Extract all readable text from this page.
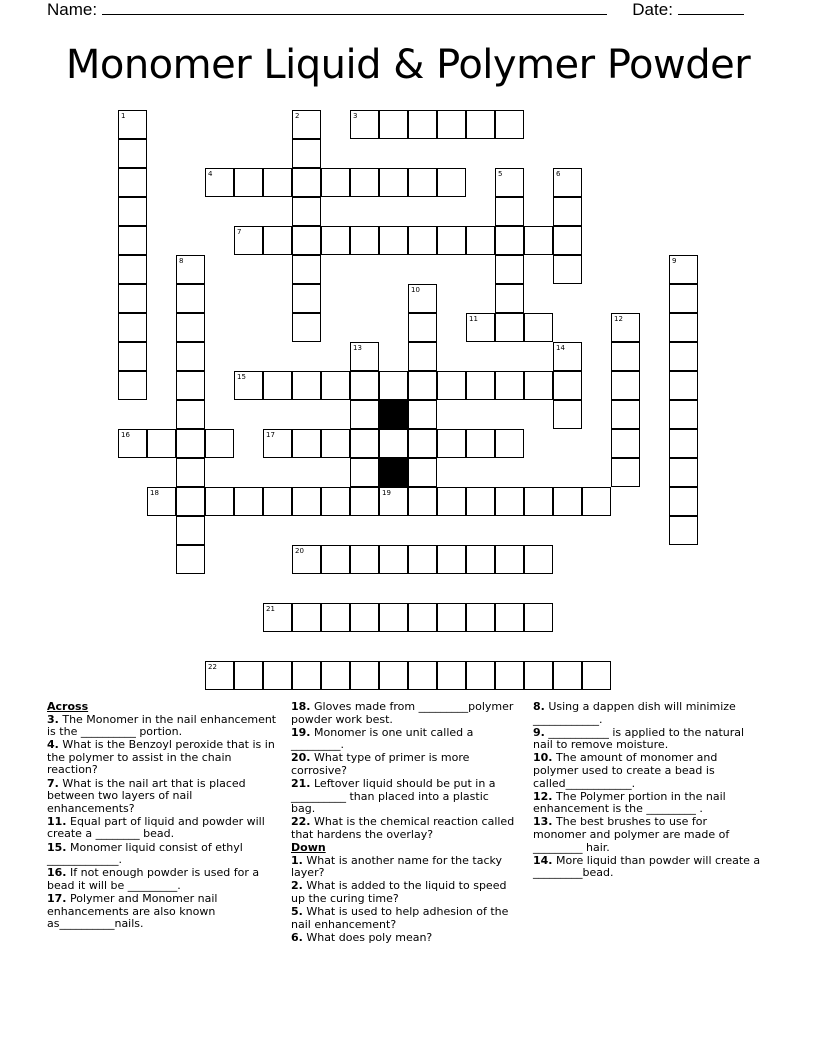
Name:	Date:
Monomer Liquid & Polymer Powder
3
4
7
11
15
16	17
18	19
20
21
22
1	2
5	6
8	9
10
12
13	14
Across
3. The Monomer in the nail enhancement is the __________ portion.
4. What is the Benzoyl peroxide that is in the polymer to assist in the chain reaction?
7. What is the nail art that is placed between two layers of nail enhancements?
11. Equal part of liquid and powder will create a ________ bead.
15. Monomer liquid consist of ethyl _____________.
16. If not enough powder is used for a bead it will be _________.
17. Polymer and Monomer nail enhancements are also known as__________nails.
18. Gloves made from _________polymer powder work best.
19. Monomer is one unit called a _________.
20. What type of primer is more corrosive?
21. Leftover liquid should be put in a __________ than placed into a plastic bag.
22. What is the chemical reaction called that hardens the overlay?
Down
1. What is another name for the tacky layer?
2. What is added to the liquid to speed up the curing time?
5. What is used to help adhesion of the nail enhancement?
6. What does poly mean?
8. Using a dappen dish will minimize ____________.
9. ___________ is applied to the natural nail to remove moisture.
10. The amount of monomer and polymer used to create a bead is called____________.
12. The Polymer portion in the nail enhancement is the _________ .
13. The best brushes to use for monomer and polymer are made of _________ hair.
14. More liquid than powder will create a _________bead.
